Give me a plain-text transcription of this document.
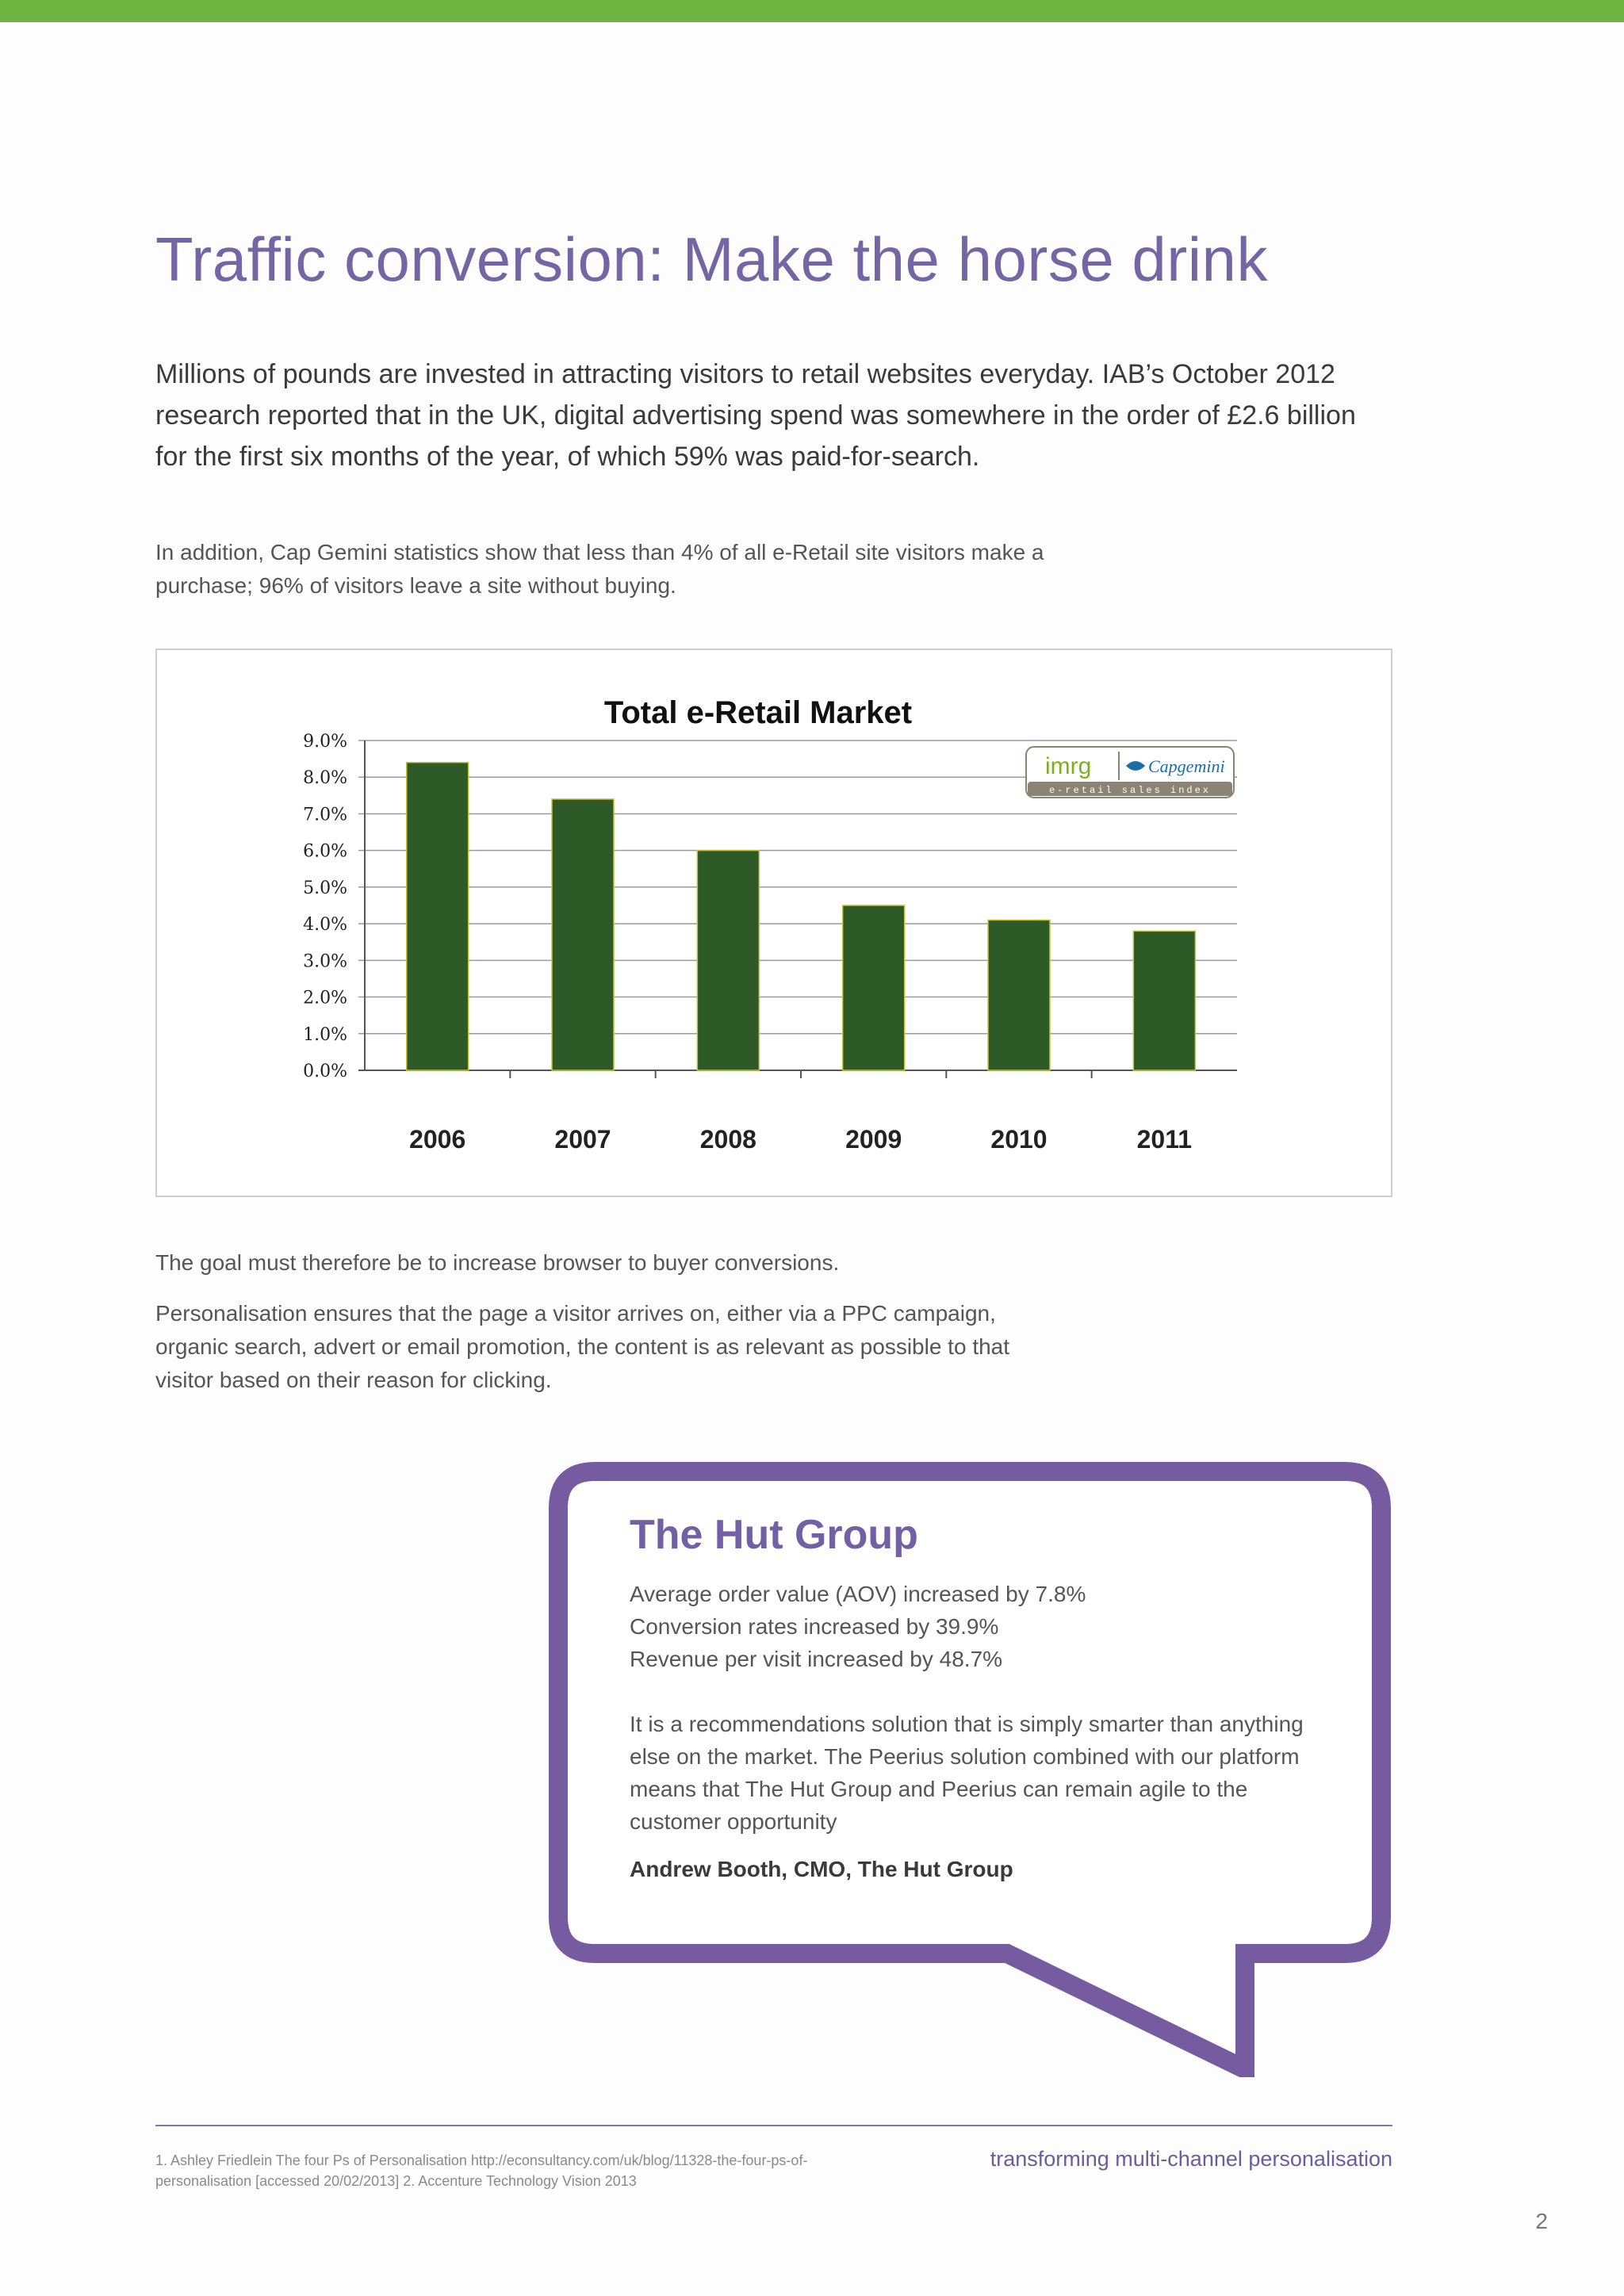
Traffic conversion: Make the horse drink

Millions of pounds are invested in attracting visitors to retail websites everyday. IAB’s October 2012 research reported that in the UK, digital advertising spend was somewhere in the order of £2.6 billion for the first six months of the year, of which 59% was paid-for-search.

In addition, Cap Gemini statistics show that less than 4% of all e-Retail site visitors make a purchase; 96% of visitors leave a site without buying.

Total e-Retail Market
0.0%
1.0%
2.0%
3.0%
4.0%
5.0%
6.0%
7.0%
8.0%
9.0%
2006	2007	2008	2009	2010	2011
imrg	Capgemini
e-retail sales index

The goal must therefore be to increase browser to buyer conversions.

Personalisation ensures that the page a visitor arrives on, either via a PPC campaign, organic search, advert or email promotion, the content is as relevant as possible to that visitor based on their reason for clicking.

The Hut Group
Average order value (AOV) increased by 7.8%
Conversion rates increased by 39.9%
Revenue per visit increased by 48.7%
It is a recommendations solution that is simply smarter than anything else on the market. The Peerius solution combined with our platform means that The Hut Group and Peerius can remain agile to the customer opportunity
Andrew Booth, CMO, The Hut Group

1. Ashley Friedlein The four Ps of Personalisation http://econsultancy.com/uk/blog/11328-the-four-ps-of-personalisation [accessed 20/02/2013] 2. Accenture Technology Vision 2013

transforming multi-channel personalisation
2
